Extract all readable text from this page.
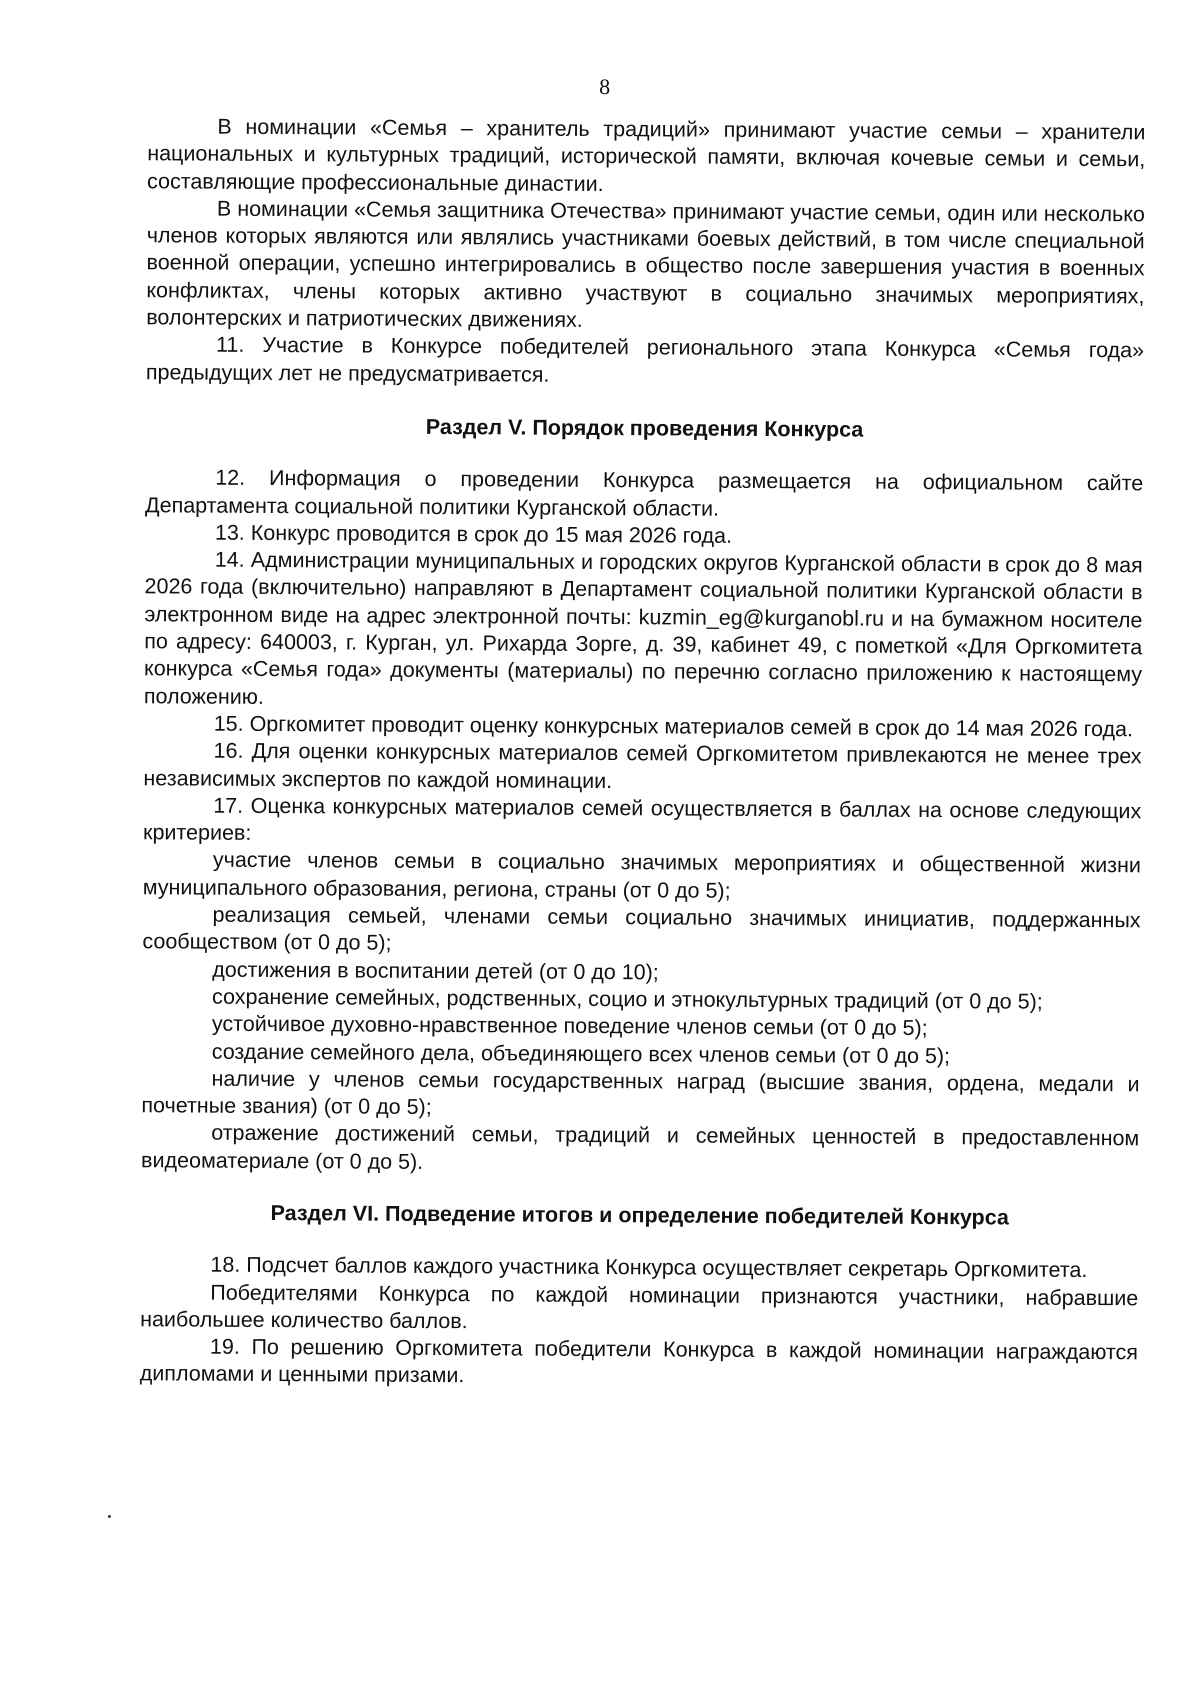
8

В номинации «Семья – хранитель традиций» принимают участие семьи – хранители национальных и культурных традиций, исторической памяти, включая кочевые семьи и семьи, составляющие профессиональные династии.

В номинации «Семья защитника Отечества» принимают участие семьи, один или несколько членов которых являются или являлись участниками боевых действий, в том числе специальной военной операции, успешно интегрировались в общество после завершения участия в военных конфликтах, члены которых активно участвуют в социально значимых мероприятиях, волонтерских и патриотических движениях.

11. Участие в Конкурсе победителей регионального этапа Конкурса «Семья года» предыдущих лет не предусматривается.

Раздел V. Порядок проведения Конкурса

12. Информация о проведении Конкурса размещается на официальном сайте Департамента социальной политики Курганской области.

13. Конкурс проводится в срок до 15 мая 2026 года.

14. Администрации муниципальных и городских округов Курганской области в срок до 8 мая 2026 года (включительно) направляют в Департамент социальной политики Курганской области в электронном виде на адрес электронной почты: kuzmin_eg@kurganobl.ru и на бумажном носителе по адресу: 640003, г. Курган, ул. Рихарда Зорге, д. 39, кабинет 49, с пометкой «Для Оргкомитета конкурса «Семья года» документы (материалы) по перечню согласно приложению к настоящему положению.

15. Оргкомитет проводит оценку конкурсных материалов семей в срок до 14 мая 2026 года.

16. Для оценки конкурсных материалов семей Оргкомитетом привлекаются не менее трех независимых экспертов по каждой номинации.

17. Оценка конкурсных материалов семей осуществляется в баллах на основе следующих критериев:

участие членов семьи в социально значимых мероприятиях и общественной жизни муниципального образования, региона, страны (от 0 до 5);

реализация семьей, членами семьи социально значимых инициатив, поддержанных сообществом (от 0 до 5);

достижения в воспитании детей (от 0 до 10);

сохранение семейных, родственных, социо и этнокультурных традиций (от 0 до 5);

устойчивое духовно-нравственное поведение членов семьи (от 0 до 5);

создание семейного дела, объединяющего всех членов семьи (от 0 до 5);

наличие у членов семьи государственных наград (высшие звания, ордена, медали и почетные звания) (от 0 до 5);

отражение достижений семьи, традиций и семейных ценностей в предоставленном видеоматериале (от 0 до 5).

Раздел VI. Подведение итогов и определение победителей Конкурса

18. Подсчет баллов каждого участника Конкурса осуществляет секретарь Оргкомитета.

Победителями Конкурса по каждой номинации признаются участники, набравшие наибольшее количество баллов.

19. По решению Оргкомитета победители Конкурса в каждой номинации награждаются дипломами и ценными призами.
